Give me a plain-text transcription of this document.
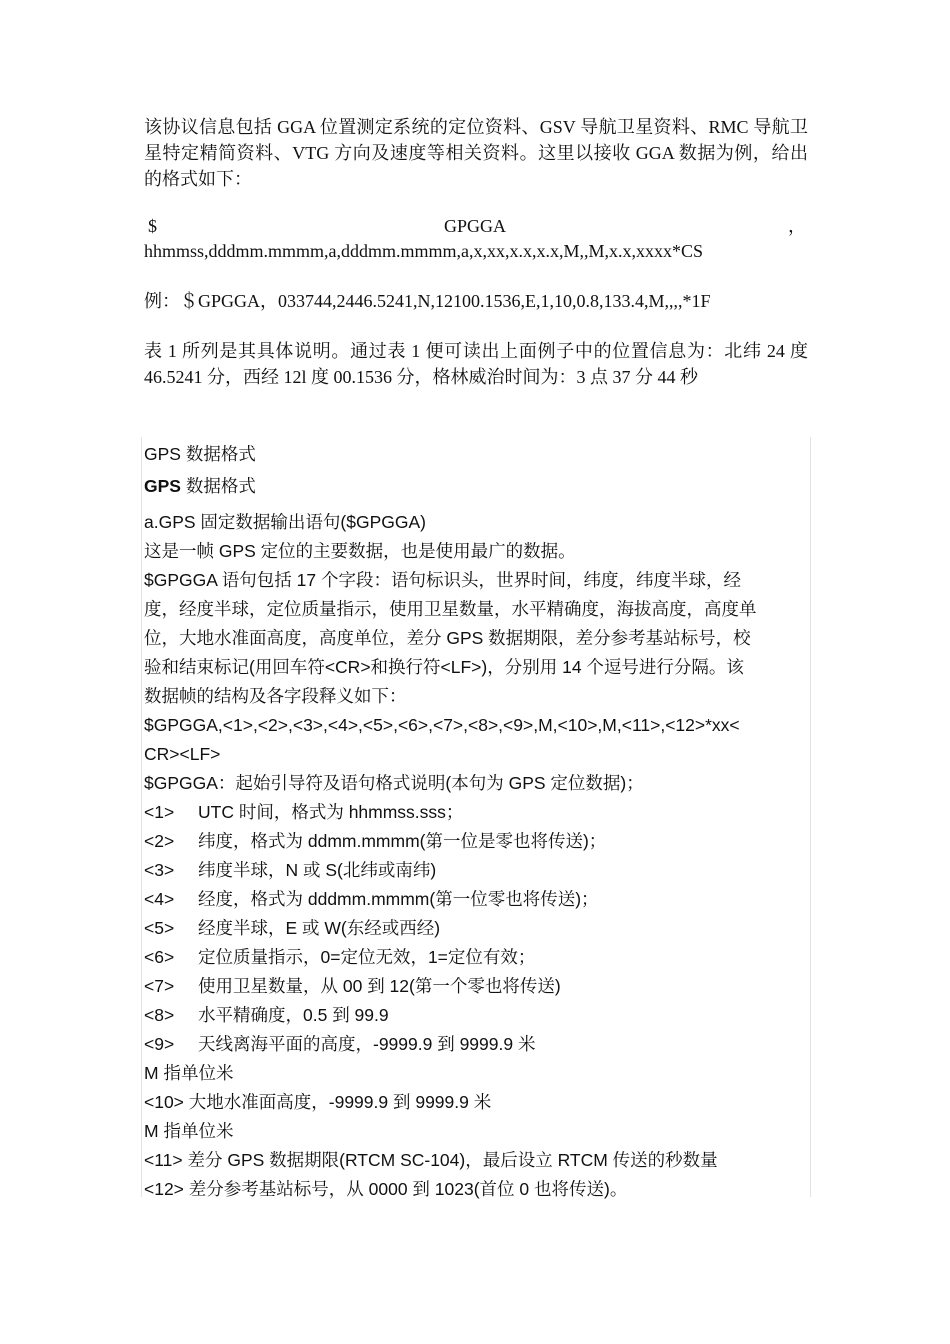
该协议信息包括 GGA 位置测定系统的定位资料、GSV 导航卫星资料、RMC 导航卫星特定精简资料、VTG 方向及速度等相关资料。这里以接收 GGA 数据为例，给出的格式如下：
$	GPGGA	，
hhmmss,dddmm.mmmm,a,dddmm.mmmm,a,x,xx,x.x,x.x,M,,M,x.x,xxxx*CS
例：＄GPGGA，033744,2446.5241,N,12100.1536,E,1,10,0.8,133.4,M,,,,*1F
表 1 所列是其具体说明。通过表 1 便可读出上面例子中的位置信息为：北纬 24 度 46.5241 分，西经 12l 度 00.1536 分，格林威治时间为：3 点 37 分 44 秒
GPS 数据格式
GPS 数据格式
a.GPS 固定数据输出语句($GPGGA)
这是一帧 GPS 定位的主要数据，也是使用最广的数据。
$GPGGA 语句包括 17 个字段：语句标识头，世界时间，纬度，纬度半球，经
度，经度半球，定位质量指示，使用卫星数量，水平精确度，海拔高度，高度单
位，大地水准面高度，高度单位，差分 GPS 数据期限，差分参考基站标号，校
验和结束标记(用回车符<CR>和换行符<LF>)，分别用 14 个逗号进行分隔。该
数据帧的结构及各字段释义如下：
$GPGGA,<1>,<2>,<3>,<4>,<5>,<6>,<7>,<8>,<9>,M,<10>,M,<11>,<12>*xx<
CR><LF>
$GPGGA：起始引导符及语句格式说明(本句为 GPS 定位数据)；
<1> UTC 时间，格式为 hhmmss.sss；
<2> 纬度，格式为 ddmm.mmmm(第一位是零也将传送)；
<3> 纬度半球，N 或 S(北纬或南纬)
<4> 经度，格式为 dddmm.mmmm(第一位零也将传送)；
<5> 经度半球，E 或 W(东经或西经)
<6> 定位质量指示，0=定位无效，1=定位有效；
<7> 使用卫星数量，从 00 到 12(第一个零也将传送)
<8> 水平精确度，0.5 到 99.9
<9> 天线离海平面的高度，-9999.9 到 9999.9 米
M 指单位米
<10> 大地水准面高度，-9999.9 到 9999.9 米
M 指单位米
<11> 差分 GPS 数据期限(RTCM SC-104)，最后设立 RTCM 传送的秒数量
<12> 差分参考基站标号，从 0000 到 1023(首位 0 也将传送)。
